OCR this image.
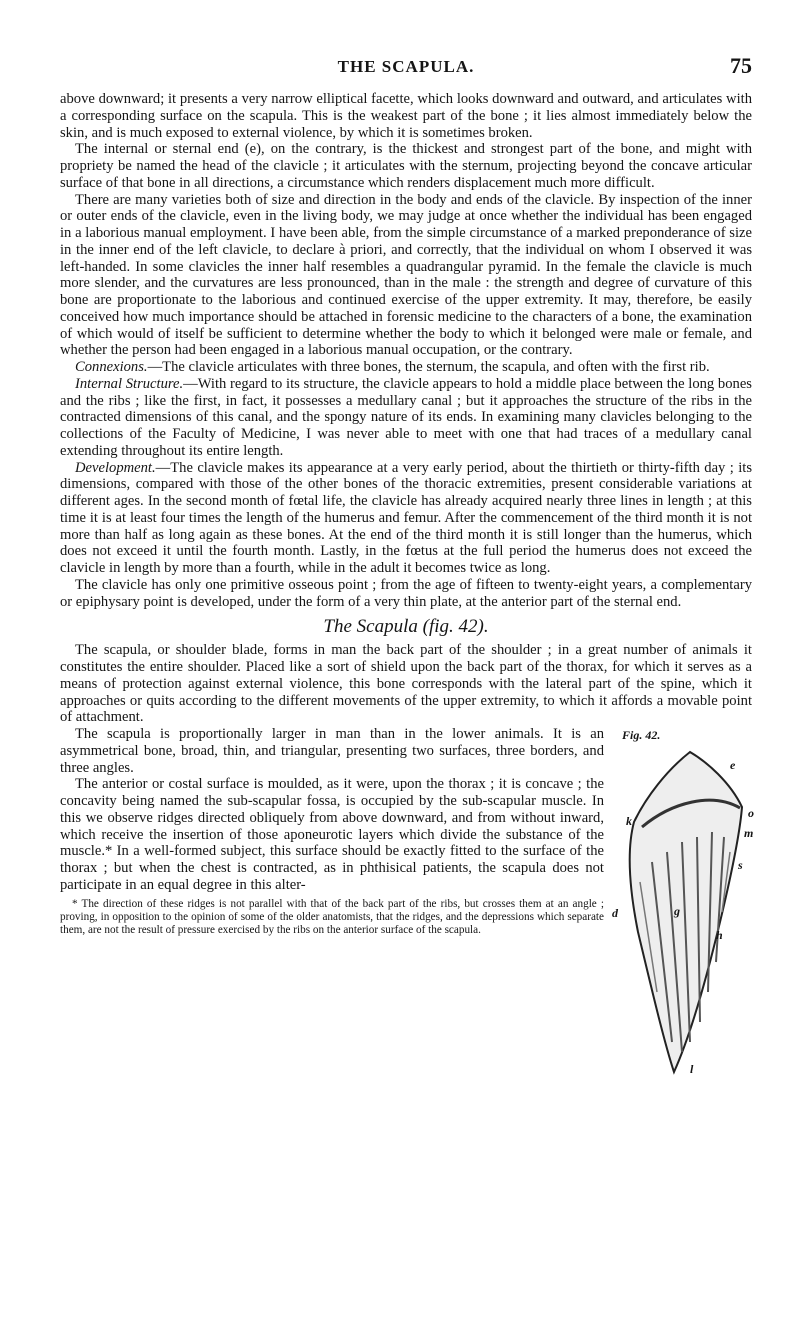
THE SCAPULA.	75

above downward; it presents a very narrow elliptical facette, which looks downward and outward, and articulates with a corresponding surface on the scapula. This is the weakest part of the bone ; it lies almost immediately below the skin, and is much exposed to external violence, by which it is sometimes broken.

The internal or sternal end (e), on the contrary, is the thickest and strongest part of the bone, and might with propriety be named the head of the clavicle ; it articulates with the sternum, projecting beyond the concave articular surface of that bone in all directions, a circumstance which renders displacement much more difficult.

There are many varieties both of size and direction in the body and ends of the clavicle. By inspection of the inner or outer ends of the clavicle, even in the living body, we may judge at once whether the individual has been engaged in a laborious manual employment. I have been able, from the simple circumstance of a marked preponderance of size in the inner end of the left clavicle, to declare à priori, and correctly, that the individual on whom I observed it was left-handed. In some clavicles the inner half resembles a quadrangular pyramid. In the female the clavicle is much more slender, and the curvatures are less pronounced, than in the male : the strength and degree of curvature of this bone are proportionate to the laborious and continued exercise of the upper extremity. It may, therefore, be easily conceived how much importance should be attached in forensic medicine to the characters of a bone, the examination of which would of itself be sufficient to determine whether the body to which it belonged were male or female, and whether the person had been engaged in a laborious manual occupation, or the contrary.

Connexions.—The clavicle articulates with three bones, the sternum, the scapula, and often with the first rib.

Internal Structure.—With regard to its structure, the clavicle appears to hold a middle place between the long bones and the ribs ; like the first, in fact, it possesses a medullary canal ; but it approaches the structure of the ribs in the contracted dimensions of this canal, and the spongy nature of its ends. In examining many clavicles belonging to the collections of the Faculty of Medicine, I was never able to meet with one that had traces of a medullary canal extending throughout its entire length.

Development.—The clavicle makes its appearance at a very early period, about the thirtieth or thirty-fifth day ; its dimensions, compared with those of the other bones of the thoracic extremities, present considerable variations at different ages. In the second month of fœtal life, the clavicle has already acquired nearly three lines in length ; at this time it is at least four times the length of the humerus and femur. After the commencement of the third month it is not more than half as long again as these bones. At the end of the third month it is still longer than the humerus, which does not exceed it until the fourth month. Lastly, in the fœtus at the full period the humerus does not exceed the clavicle in length by more than a fourth, while in the adult it becomes twice as long.

The clavicle has only one primitive osseous point ; from the age of fifteen to twenty-eight years, a complementary or epiphysary point is developed, under the form of a very thin plate, at the anterior part of the sternal end.

The Scapula (fig. 42).

The scapula, or shoulder blade, forms in man the back part of the shoulder ; in a great number of animals it constitutes the entire shoulder. Placed like a sort of shield upon the back part of the thorax, for which it serves as a means of protection against external violence, this bone corresponds with the lateral part of the spine, which it approaches or quits according to the different movements of the upper extremity, to which it affords a movable point of attachment.

Fig. 42.
e
k
o
m
s
d	g
h
l

The scapula is proportionally larger in man than in the lower animals. It is an asymmetrical bone, broad, thin, and triangular, presenting two surfaces, three borders, and three angles.

The anterior or costal surface is moulded, as it were, upon the thorax ; it is concave ; the concavity being named the sub-scapular fossa, is occupied by the sub-scapular muscle. In this we observe ridges directed obliquely from above downward, and from without inward, which receive the insertion of those aponeurotic layers which divide the substance of the muscle.* In a well-formed subject, this surface should be exactly fitted to the surface of the thorax ; but when the chest is contracted, as in phthisical patients, the scapula does not participate in an equal degree in this alter-

* The direction of these ridges is not parallel with that of the back part of the ribs, but crosses them at an angle ; proving, in opposition to the opinion of some of the older anatomists, that the ridges, and the depressions which separate them, are not the result of pressure exercised by the ribs on the anterior surface of the scapula.
